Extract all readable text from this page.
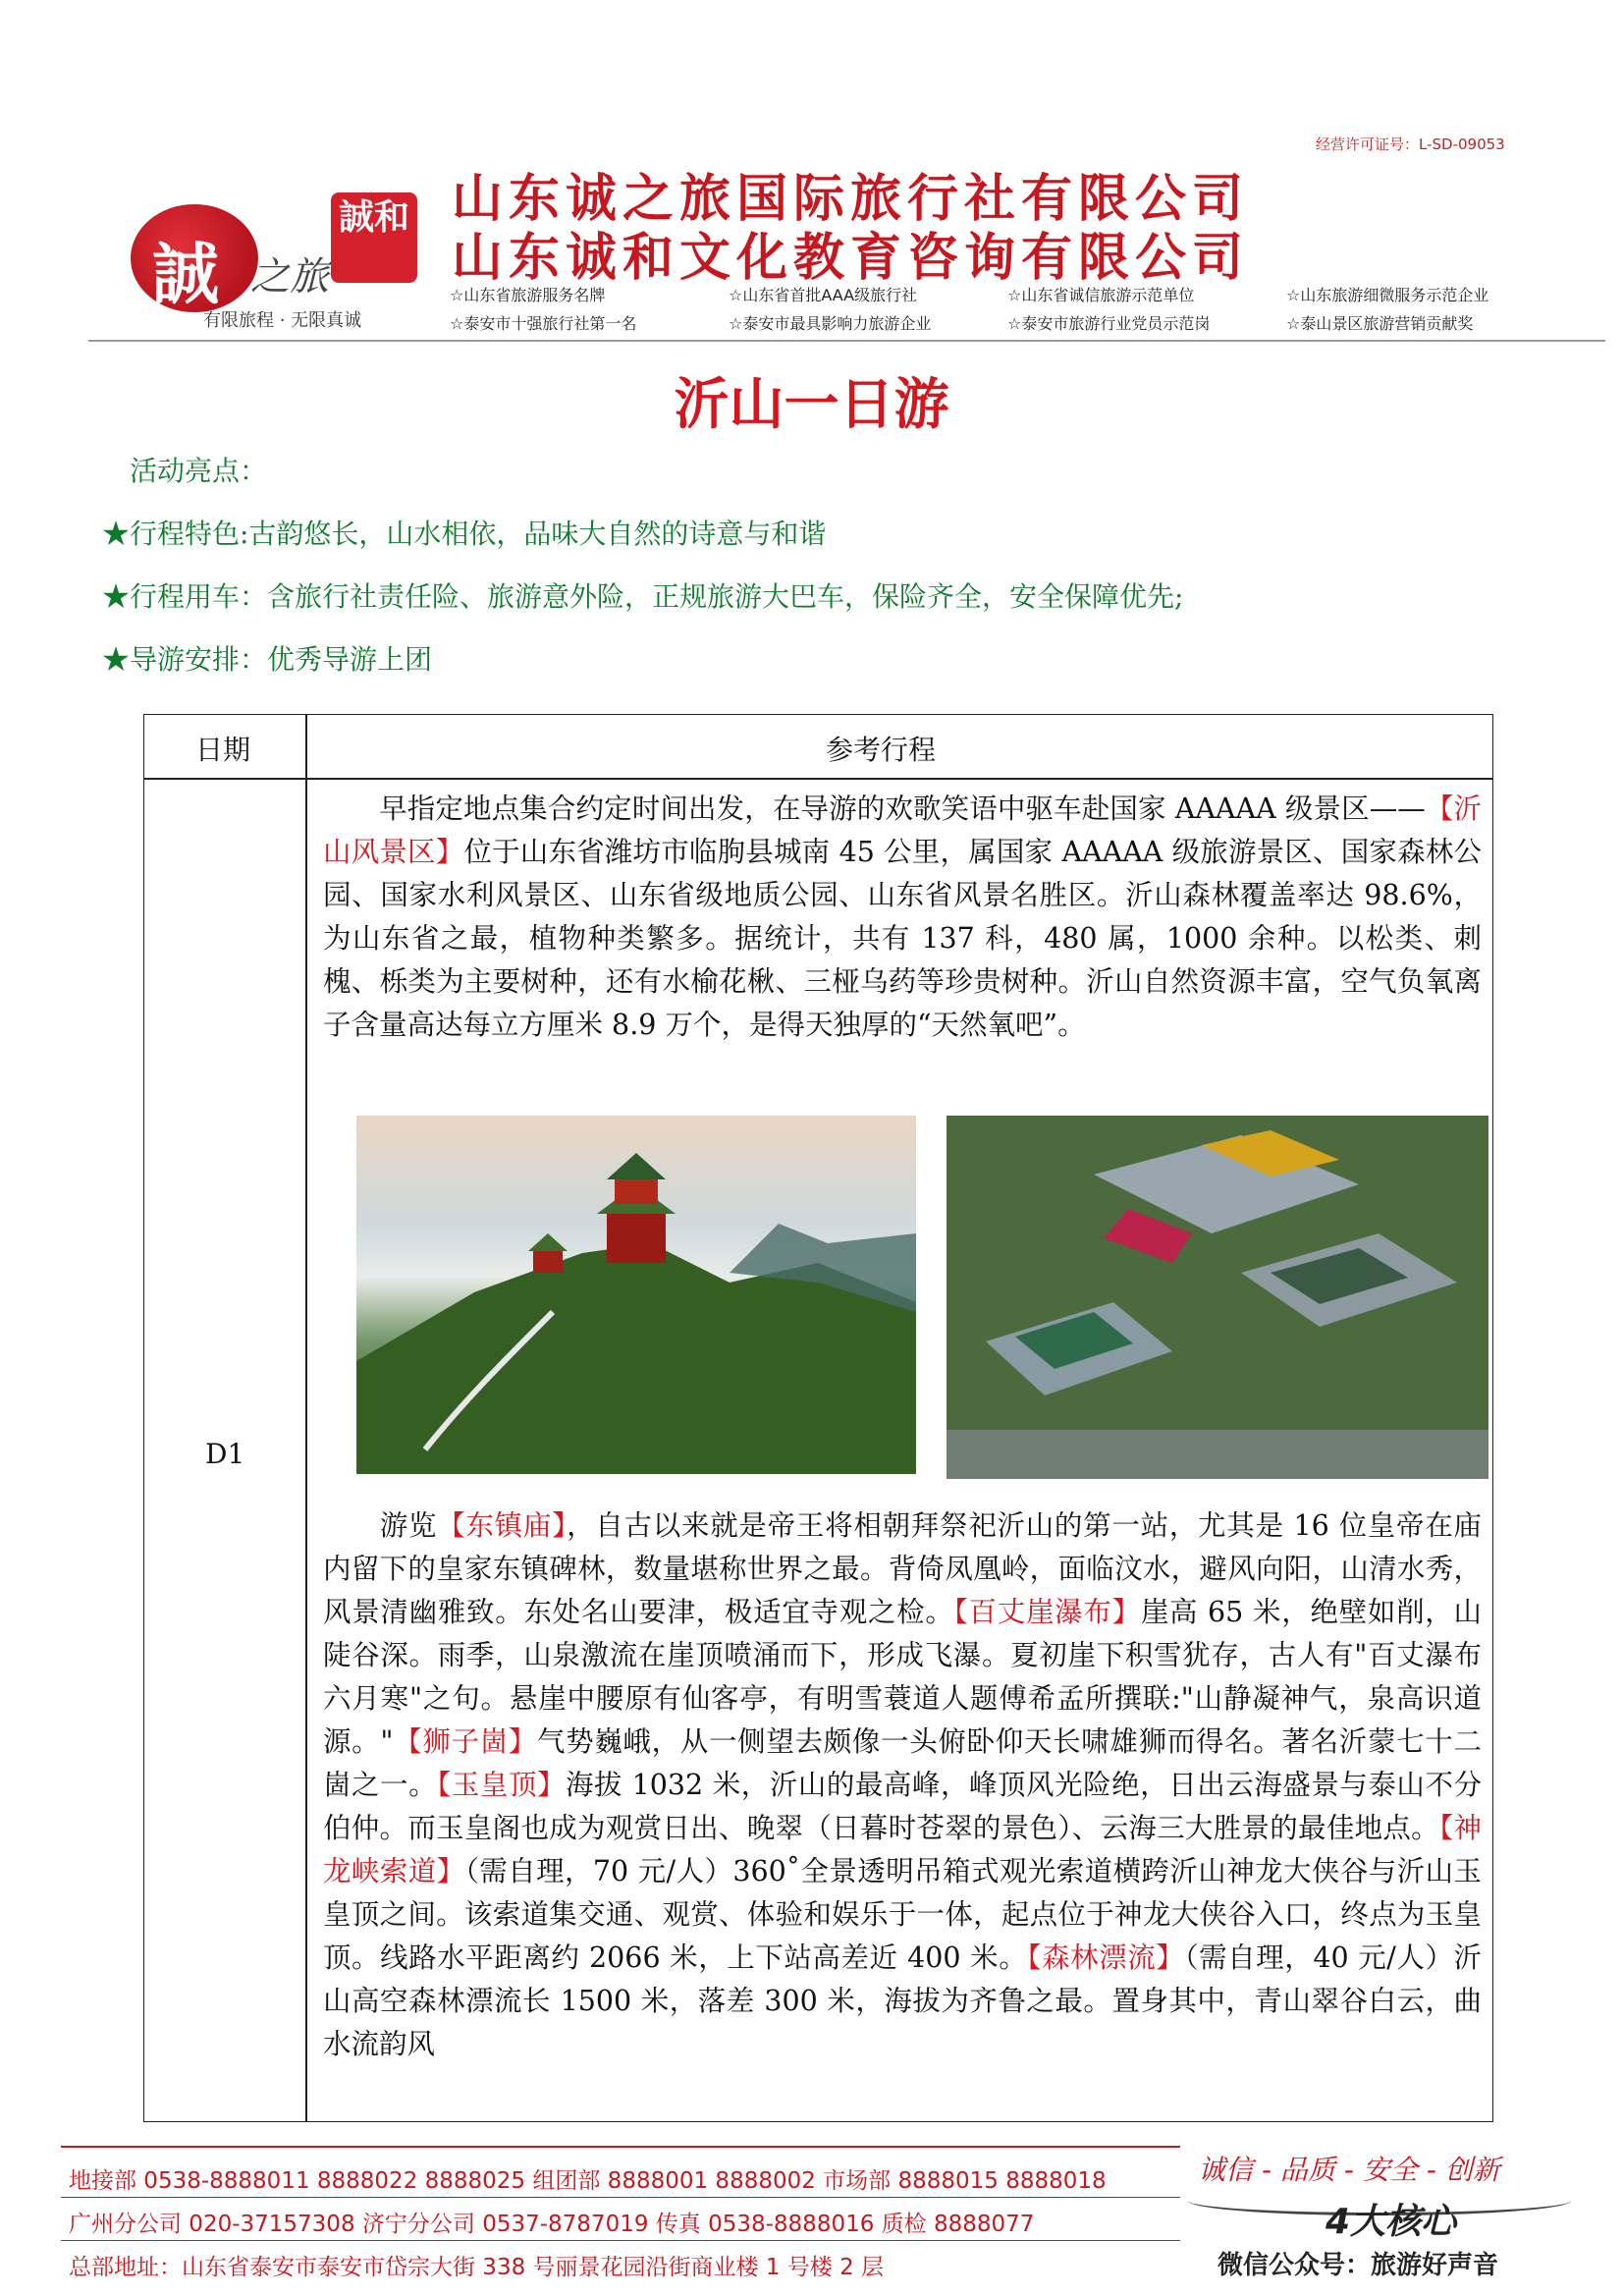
经营许可证号：L-SD-09053
誠 之旅
誠和
有限旅程 · 无限真诚
山东诚之旅国际旅行社有限公司
山东诚和文化教育咨询有限公司
☆山东省旅游服务名牌	☆山东省首批AAA级旅行社	☆山东省诚信旅游示范单位	☆山东旅游细微服务示范企业
☆泰安市十强旅行社第一名	☆泰安市最具影响力旅游企业	☆泰安市旅游行业党员示范岗	☆泰山景区旅游营销贡献奖
沂山一日游
活动亮点：
★行程特色:古韵悠长，山水相依，品味大自然的诗意与和谐
★行程用车：含旅行社责任险、旅游意外险，正规旅游大巴车，保险齐全，安全保障优先;
★导游安排：优秀导游上团
日期	参考行程
D1
早指定地点集合约定时间出发，在导游的欢歌笑语中驱车赴国家 AAAAA 级景区——【沂山风景区】位于山东省潍坊市临朐县城南 45 公里，属国家 AAAAA 级旅游景区、国家森林公园、国家水利风景区、山东省级地质公园、山东省风景名胜区。沂山森林覆盖率达 98.6%，为山东省之最，植物种类繁多。据统计，共有 137 科，480 属，1000 余种。以松类、刺槐、栎类为主要树种，还有水榆花楸、三桠乌药等珍贵树种。沂山自然资源丰富，空气负氧离子含量高达每立方厘米 8.9 万个，是得天独厚的“天然氧吧”。
游览【东镇庙】，自古以来就是帝王将相朝拜祭祀沂山的第一站，尤其是 16 位皇帝在庙内留下的皇家东镇碑林，数量堪称世界之最。背倚凤凰岭，面临汶水，避风向阳，山清水秀，风景清幽雅致。东处名山要津，极适宜寺观之检。【百丈崖瀑布】崖高 65 米，绝壁如削，山陡谷深。雨季，山泉激流在崖顶喷涌而下，形成飞瀑。夏初崖下积雪犹存，古人有"百丈瀑布六月寒"之句。悬崖中腰原有仙客亭，有明雪蓑道人题傅希孟所撰联:"山静凝神气，泉高识道源。"【狮子崮】气势巍峨，从一侧望去颇像一头俯卧仰天长啸雄狮而得名。著名沂蒙七十二崮之一。【玉皇顶】海拔 1032 米，沂山的最高峰，峰顶风光险绝，日出云海盛景与泰山不分伯仲。而玉皇阁也成为观赏日出、晚翠（日暮时苍翠的景色）、云海三大胜景的最佳地点。【神龙峡索道】（需自理，70 元/人）360˚全景透明吊箱式观光索道横跨沂山神龙大侠谷与沂山玉皇顶之间。该索道集交通、观赏、体验和娱乐于一体，起点位于神龙大侠谷入口，终点为玉皇顶。线路水平距离约 2066 米，上下站高差近 400 米。【森林漂流】（需自理，40 元/人）沂山高空森林漂流长 1500 米，落差 300 米，海拔为齐鲁之最。置身其中，青山翠谷白云，曲水流韵风
地接部 0538-8888011 8888022 8888025 组团部 8888001 8888002 市场部 8888015 8888018
广州分公司 020-37157308 济宁分公司 0537-8787019 传真 0538-8888016 质检 8888077
总部地址：山东省泰安市泰安市岱宗大街 338 号丽景花园沿街商业楼 1 号楼 2 层
诚信 - 品质 - 安全 - 创新
4大核心
微信公众号：旅游好声音
